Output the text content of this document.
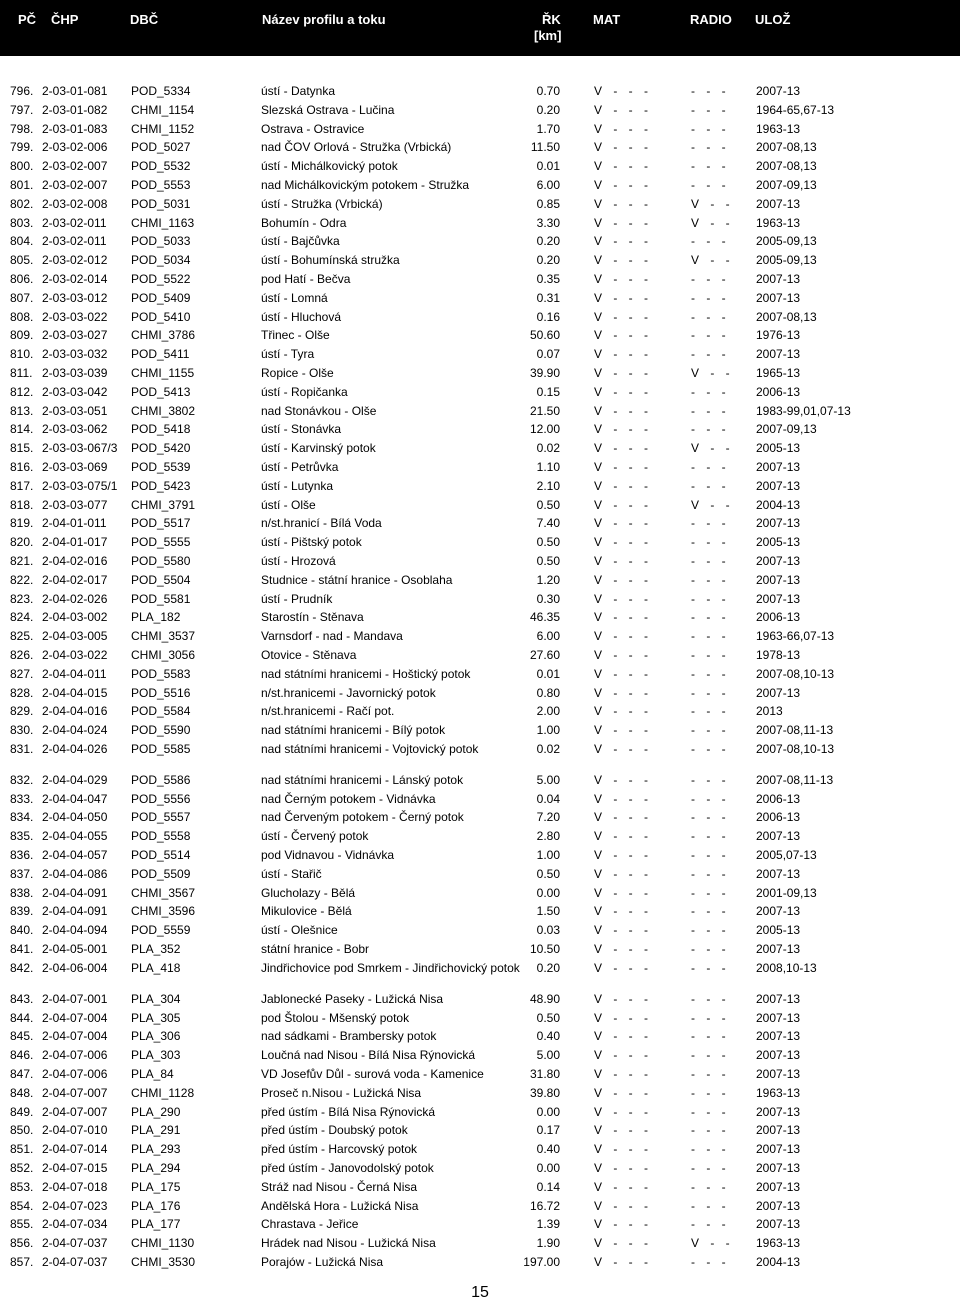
PČ ČHP	DBČ	Název profilu a toku	ŘK
[km]
MAT	RADIO ULOŽ
796. 2-03-01-081 POD_5334	ústí - Datynka	0.70	V - - -	- - -	2007-13
797. 2-03-01-082 CHMI_1154	Slezská Ostrava - Lučina	0.20	V - - -	- - -	1964-65,67-13
798. 2-03-01-083 CHMI_1152	Ostrava - Ostravice	1.70	V - - -	- - -	1963-13
799. 2-03-02-006 POD_5027	nad ČOV Orlová - Stružka (Vrbická)	11.50	V - - -	- - -	2007-08,13
800. 2-03-02-007 POD_5532	ústí - Michálkovický potok	0.01	V - - -	- - -	2007-08,13
801. 2-03-02-007 POD_5553	nad Michálkovickým potokem - Stružka	6.00	V - - -	- - -	2007-09,13
802. 2-03-02-008 POD_5031	ústí - Stružka (Vrbická)	0.85	V - - -	V - - 2007-13
803. 2-03-02-011 CHMI_1163	Bohumín - Odra	3.30	V - - -	V - - 1963-13
804. 2-03-02-011 POD_5033	ústí - Bajčůvka	0.20	V - - -	- - -	2005-09,13
805. 2-03-02-012 POD_5034	ústí - Bohumínská stružka	0.20	V - - -	V - - 2005-09,13
806. 2-03-02-014 POD_5522	pod Hatí - Bečva	0.35	V - - -	- - -	2007-13
807. 2-03-03-012 POD_5409	ústí - Lomná	0.31	V - - -	- - -	2007-13
808. 2-03-03-022 POD_5410	ústí - Hluchová	0.16	V - - -	- - -	2007-08,13
809. 2-03-03-027 CHMI_3786	Třinec - Olše	50.60	V - - -	- - -	1976-13
810. 2-03-03-032 POD_5411	ústí - Tyra	0.07	V - - -	- - -	2007-13
811. 2-03-03-039 CHMI_1155	Ropice - Olše	39.90	V - - -	V - - 1965-13
812. 2-03-03-042 POD_5413	ústí - Ropičanka	0.15	V - - -	- - -	2006-13
813. 2-03-03-051 CHMI_3802	nad Stonávkou - Olše	21.50	V - - -	- - -	1983-99,01,07-13
814. 2-03-03-062 POD_5418	ústí - Stonávka	12.00	V - - -	- - -	2007-09,13
815. 2-03-03-067/3 POD_5420	ústí - Karvinský potok	0.02	V - - -	V - - 2005-13
816. 2-03-03-069 POD_5539	ústí - Petrůvka	1.10	V - - -	- - -	2007-13
817. 2-03-03-075/1 POD_5423	ústí - Lutynka	2.10	V - - -	- - -	2007-13
818. 2-03-03-077 CHMI_3791	ústí - Olše	0.50	V - - -	V - - 2004-13
819. 2-04-01-011 POD_5517	n/st.hranicí - Bílá Voda	7.40	V - - -	- - -	2007-13
820. 2-04-01-017 POD_5555	ústí - Pištský potok	0.50	V - - -	- - -	2005-13
821. 2-04-02-016 POD_5580	ústí - Hrozová	0.50	V - - -	- - -	2007-13
822. 2-04-02-017 POD_5504	Studnice - státní hranice - Osoblaha	1.20	V - - -	- - -	2007-13
823. 2-04-02-026 POD_5581	ústí - Prudník	0.30	V - - -	- - -	2007-13
824. 2-04-03-002 PLA_182	Starostín - Stěnava	46.35	V - - -	- - -	2006-13
825. 2-04-03-005 CHMI_3537	Varnsdorf - nad - Mandava	6.00	V - - -	- - -	1963-66,07-13
826. 2-04-03-022 CHMI_3056	Otovice - Stěnava	27.60	V - - -	- - -	1978-13
827. 2-04-04-011 POD_5583	nad státními hranicemi - Hoštický potok	0.01	V - - -	- - -	2007-08,10-13
828. 2-04-04-015 POD_5516	n/st.hranicemi - Javornický potok	0.80	V - - -	- - -	2007-13
829. 2-04-04-016 POD_5584	n/st.hranicemi - Račí pot.	2.00	V - - -	- - -	2013
830. 2-04-04-024 POD_5590	nad státními hranicemi - Bílý potok	1.00	V - - -	- - -	2007-08,11-13
831. 2-04-04-026 POD_5585	nad státními hranicemi - Vojtovický potok	0.02	V - - -	- - -	2007-08,10-13
832. 2-04-04-029 POD_5586	nad státními hranicemi - Lánský potok	5.00	V - - -	- - -	2007-08,11-13
833. 2-04-04-047 POD_5556	nad Černým potokem - Vidnávka	0.04	V - - -	- - -	2006-13
834. 2-04-04-050 POD_5557	nad Červeným potokem - Černý potok	7.20	V - - -	- - -	2006-13
835. 2-04-04-055 POD_5558	ústí - Červený potok	2.80	V - - -	- - -	2007-13
836. 2-04-04-057 POD_5514	pod Vidnavou - Vidnávka	1.00	V - - -	- - -	2005,07-13
837. 2-04-04-086 POD_5509	ústí - Stařič	0.50	V - - -	- - -	2007-13
838. 2-04-04-091 CHMI_3567	Glucholazy - Bělá	0.00	V - - -	- - -	2001-09,13
839. 2-04-04-091 CHMI_3596	Mikulovice - Bělá	1.50	V - - -	- - -	2007-13
840. 2-04-04-094 POD_5559	ústí - Olešnice	0.03	V - - -	- - -	2005-13
841. 2-04-05-001 PLA_352	státní hranice - Bobr	10.50	V - - -	- - -	2007-13
842. 2-04-06-004 PLA_418	Jindřichovice pod Smrkem - Jindřichovický potok	0.20	V - - -	- - -	2008,10-13
843. 2-04-07-001 PLA_304	Jablonecké Paseky - Lužická Nisa	48.90	V - - -	- - -	2007-13
844. 2-04-07-004 PLA_305	pod Štolou - Mšenský potok	0.50	V - - -	- - -	2007-13
845. 2-04-07-004 PLA_306	nad sádkami - Brambersky potok	0.40	V - - -	- - -	2007-13
846. 2-04-07-006 PLA_303	Loučná nad Nisou - Bílá Nisa Rýnovická	5.00	V - - -	- - -	2007-13
847. 2-04-07-006 PLA_84	VD Josefův Důl - surová voda - Kamenice	31.80	V - - -	- - -	2007-13
848. 2-04-07-007 CHMI_1128	Proseč n.Nisou - Lužická Nisa	39.80	V - - -	- - -	1963-13
849. 2-04-07-007 PLA_290	před ústím - Bílá Nisa Rýnovická	0.00	V - - -	- - -	2007-13
850. 2-04-07-010 PLA_291	před ústím - Doubský potok	0.17	V - - -	- - -	2007-13
851. 2-04-07-014 PLA_293	před ústím - Harcovský potok	0.40	V - - -	- - -	2007-13
852. 2-04-07-015 PLA_294	před ústím - Janovodolský potok	0.00	V - - -	- - -	2007-13
853. 2-04-07-018 PLA_175	Stráž nad Nisou - Černá Nisa	0.14	V - - -	- - -	2007-13
854. 2-04-07-023 PLA_176	Andělská Hora - Lužická Nisa	16.72	V - - -	- - -	2007-13
855. 2-04-07-034 PLA_177	Chrastava - Jeřice	1.39	V - - -	- - -	2007-13
856. 2-04-07-037 CHMI_1130	Hrádek nad Nisou - Lužická Nisa	1.90	V - - -	V - - 1963-13
857. 2-04-07-037 CHMI_3530	Porajów - Lužická Nisa	197.00	V - - -	- - -	2004-13
15
